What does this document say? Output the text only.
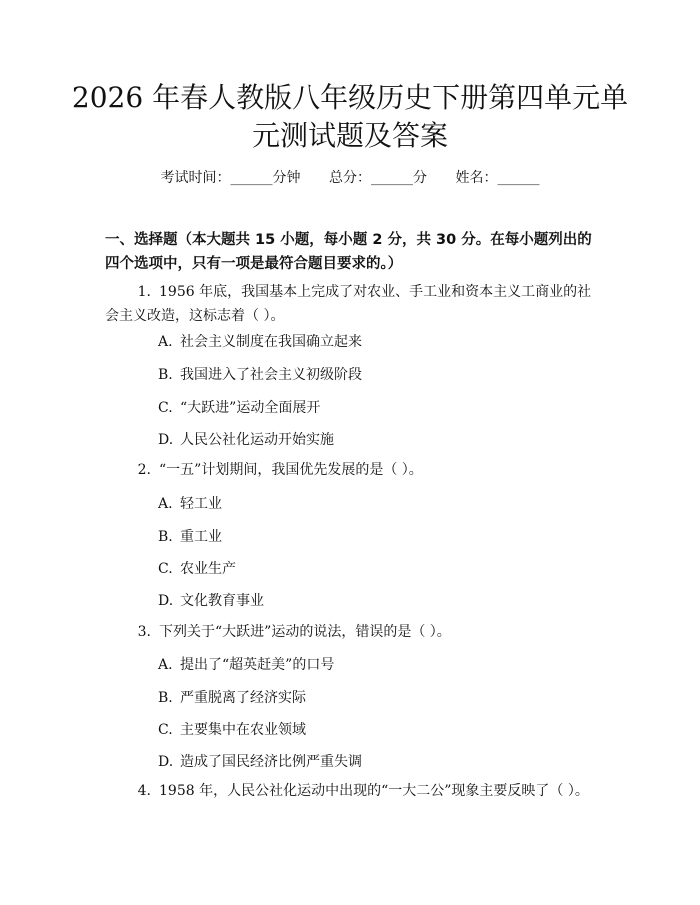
2026 年春人教版八年级历史下册第四单元单
元测试题及答案
考试时间：______分钟 总分：______分 姓名：______
一、选择题（本大题共 15 小题，每小题 2 分，共 30 分。在每小题列出的四个选项中，只有一项是最符合题目要求的。）
1. 1956 年底，我国基本上完成了对农业、手工业和资本主义工商业的社会主义改造，这标志着（ ）。
A. 社会主义制度在我国确立起来
B. 我国进入了社会主义初级阶段
C. “大跃进”运动全面展开
D. 人民公社化运动开始实施
2. “一五”计划期间，我国优先发展的是（ ）。
A. 轻工业
B. 重工业
C. 农业生产
D. 文化教育事业
3. 下列关于“大跃进”运动的说法，错误的是（ ）。
A. 提出了“超英赶美”的口号
B. 严重脱离了经济实际
C. 主要集中在农业领域
D. 造成了国民经济比例严重失调
4. 1958 年，人民公社化运动中出现的“一大二公”现象主要反映了（ ）。
